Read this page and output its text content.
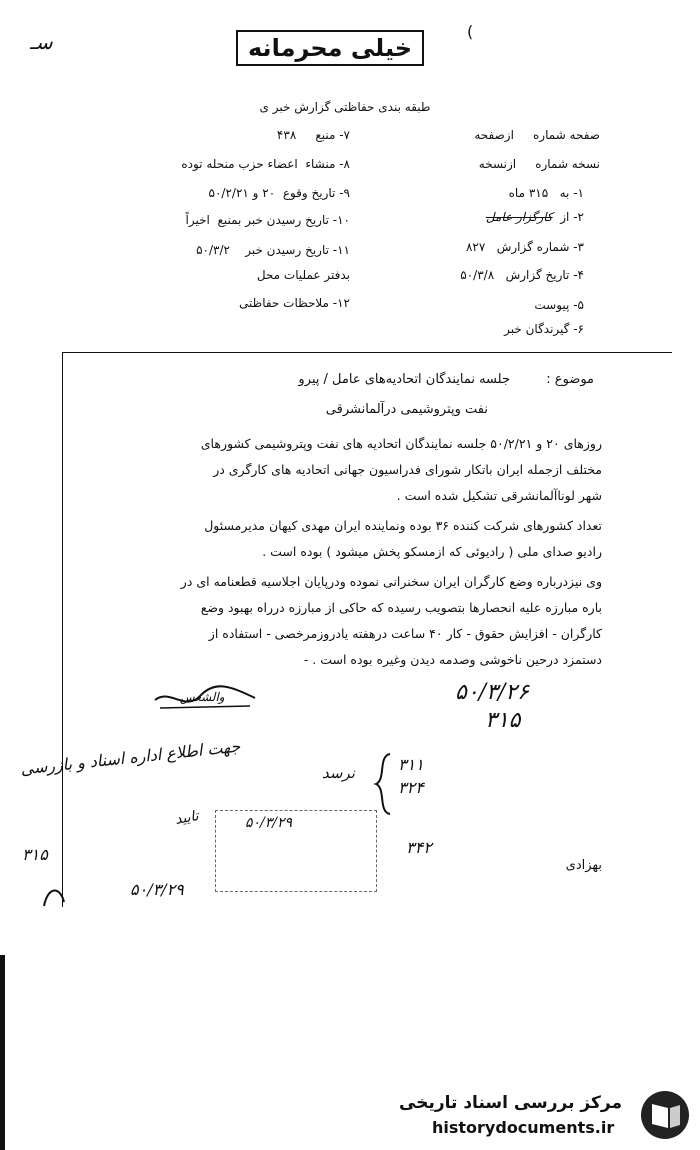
سـ	(
خیلی محرمانه
طبقه بندی حفاظتی گزارش خبر ی
صفحه شماره     ازصفحه
نسخه شماره     ازنسخه
۱- به   ۳۱۵ ماه
۲- از  کارگزار عامل
۳- شماره گزارش   ۸۲۷
۴- تاریخ گزارش   ۵۰/۳/۸
۵- پیوست
۶- گیرندگان خبر
۷- منبع     ۴۳۸
۸- منشاء  اعضاء حزب منحله توده
۹- تاریخ وقوع  ۲۰ و ۵۰/۲/۲۱
۱۰- تاریخ رسیدن خبر بمنبع  اخیراً
۱۱- تاریخ رسیدن خبر    ۵۰/۳/۲
بدفتر عملیات محل
۱۲- ملاحظات حفاظتی
موضوع :
جلسه نمایندگان اتحادیه‌های عامل / پیرو
نفت وپتروشیمی درآلمانشرقی
روزهای ۲۰ و ۵۰/۲/۲۱ جلسه نمایندگان اتحادیه های نفت وپتروشیمی کشورهای
مختلف ازجمله ایران باتکار شورای فدراسیون جهانی اتحادیه های کارگری در
شهر لوناآلمانشرقی تشکیل شده است .
تعداد کشورهای شرکت کننده ۳۶ بوده ونماینده ایران مهدی کیهان مدیرمسئول
رادیو صدای ملی ( رادیوئی که ازمسکو پخش میشود ) بوده است .
وی نیزدرباره وضع کارگران ایران سخنرانی نموده ودرپایان اجلاسیه قطعنامه ای در
باره مبارزه علیه انحصارها بتصویب رسیده که حاکی از مبارزه درراه بهبود وضع
کارگران - افزایش حقوق - کار ۴۰ ساعت درهفته یادروزمرخصی - استفاده از
دستمزد درحین ناخوشی وصدمه دیدن وغیره بوده است . -
والشعس	۵۰/۳/۲۶
۳۱۵
جهت اطلاع اداره اسناد و بازرسی
تایید
۳۱۱
۳۲۴
نرسد
۵۰/۳/۲۹
۳۴۲
۳۱۵
۵۰/۳/۲۹
بهزادی
مرکز بررسی اسناد تاریخی
historydocuments.ir
